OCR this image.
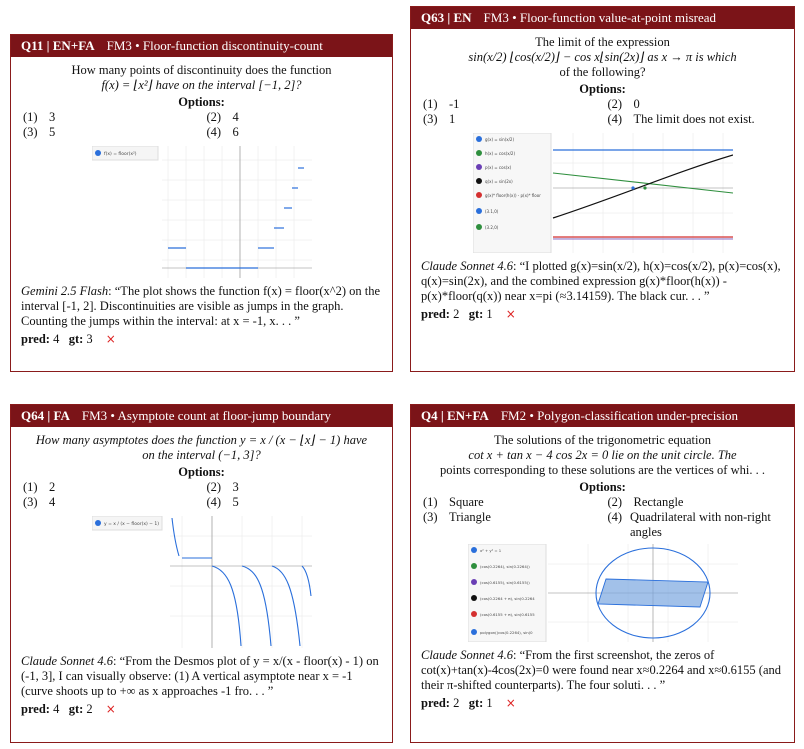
Q11 | EN+FA FM3 • Floor-function discontinuity-count
How many points of discontinuity does the function
f(x) = ⌊x²⌋ have on the interval [−1, 2]?
Options:
(1) 3	(2) 4
(3) 5	(4) 6
f(x) = floor(x²)
Gemini 2.5 Flash: “The plot shows the function f(x) = floor(x^2) on the interval [-1, 2]. Discontinuities are visible as jumps in the graph. Counting the jumps within the interval: at x = -1, x. . . ”
pred: 4 gt: 3 ×
Q63 | EN FM3 • Floor-function value-at-point misread
The limit of the expression
sin(x/2) ⌊cos(x/2)⌋ − cos x⌊sin(2x)⌋ as x → π is which
of the following?
Options:
(1) -1	(2) 0
(3) 1	(4) The limit does not exist.
g(x) = sin(x/2)
h(x) = cos(x/2)
p(x) = cos(x)
q(x) = sin(2x)
g(x)* floor(h(x)) - p(x)* floor
(3.1,0)
(3.2,0)
Claude Sonnet 4.6: “I plotted g(x)=sin(x/2), h(x)=cos(x/2), p(x)=cos(x), q(x)=sin(2x), and the combined expression g(x)*floor(h(x)) - p(x)*floor(q(x)) near x=pi (≈3.14159). The black cur. . . ”
pred: 2 gt: 1 ×
Q64 | FA FM3 • Asymptote count at floor-jump boundary
How many asymptotes does the function y = x / (x − ⌊x⌋ − 1) have
on the interval (−1, 3]?
Options:
(1) 2	(2) 3
(3) 4	(4) 5
y = x / (x − floor(x) − 1)
Claude Sonnet 4.6: “From the Desmos plot of y = x/(x - floor(x) - 1) on (-1, 3], I can visually observe: (1) A vertical asymptote near x = -1 (curve shoots up to +∞ as x approaches -1 fro. . . ”
pred: 4 gt: 2 ×
Q4 | EN+FA FM2 • Polygon-classification under-precision
The solutions of the trigonometric equation
cot x + tan x − 4 cos 2x = 0 lie on the unit circle. The
points corresponding to these solutions are the vertices of whi. . .
Options:
(1) Square	(2) Rectangle
(3) Triangle	(4) Quadrilateral with non-right angles
x² + y² = 1
(cos(0.2264), sin(0.2264))
(cos(0.6155), sin(0.6155))
(cos(0.2264 + π), sin(0.2264
(cos(0.6155 + π), sin(0.6155
polygon((cos(0.2264), sin(0
Claude Sonnet 4.6: “From the first screenshot, the zeros of cot(x)+tan(x)-4cos(2x)=0 were found near x≈0.2264 and x≈0.6155 (and their π-shifted counterparts). The four soluti. . . ”
pred: 2 gt: 1 ×
